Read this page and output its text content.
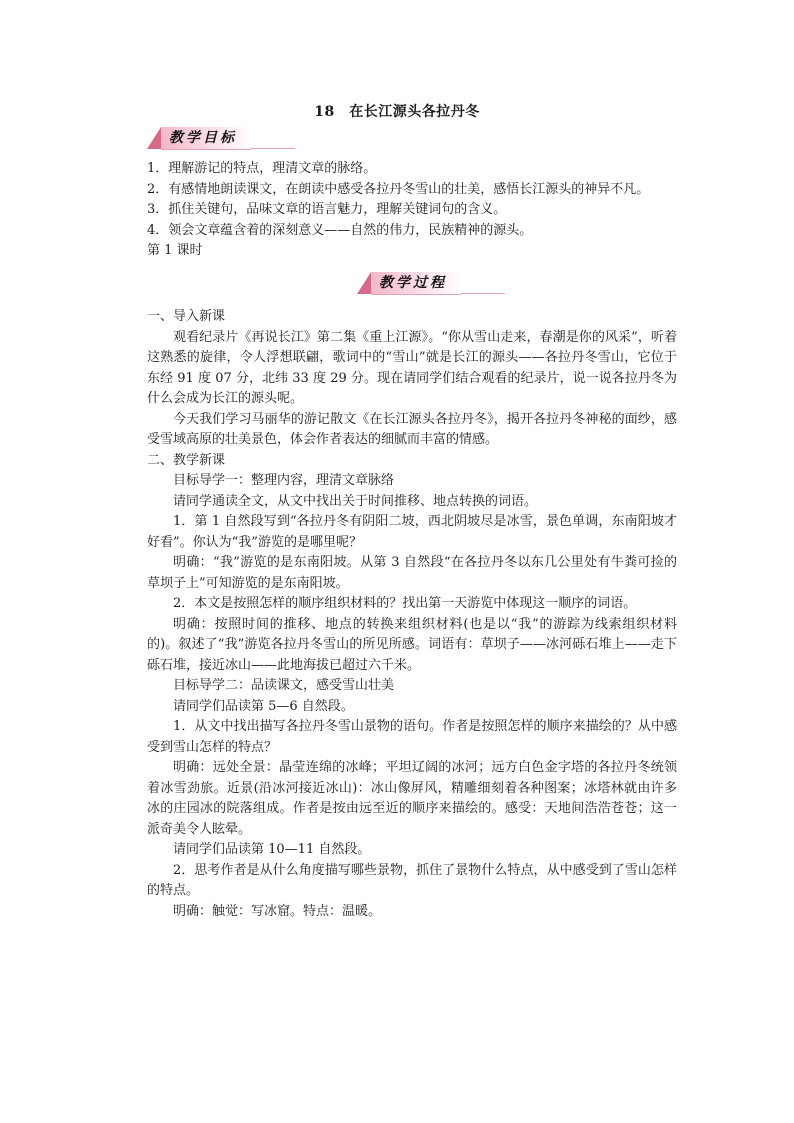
18　在长江源头各拉丹冬
教学目标
1．理解游记的特点，理清文章的脉络。
2．有感情地朗读课文，在朗读中感受各拉丹冬雪山的壮美，感悟长江源头的神异不凡。
3．抓住关键句，品味文章的语言魅力，理解关键词句的含义。
4．领会文章蕴含着的深刻意义——自然的伟力，民族精神的源头。
第 1 课时
教学过程
一、导入新课
观看纪录片《再说长江》第二集《重上江源》。“你从雪山走来，春潮是你的风采”，听着这熟悉的旋律，令人浮想联翩，歌词中的“雪山”就是长江的源头——各拉丹冬雪山，它位于东经 91 度 07 分，北纬 33 度 29 分。现在请同学们结合观看的纪录片，说一说各拉丹冬为什么会成为长江的源头呢。
今天我们学习马丽华的游记散文《在长江源头各拉丹冬》，揭开各拉丹冬神秘的面纱，感受雪域高原的壮美景色，体会作者表达的细腻而丰富的情感。
二、教学新课
目标导学一：整理内容，理清文章脉络
请同学通读全文，从文中找出关于时间推移、地点转换的词语。
1．第 1 自然段写到“各拉丹冬有阴阳二坡，西北阴坡尽是冰雪，景色单调，东南阳坡才好看”。你认为“我”游览的是哪里呢？
明确：“我”游览的是东南阳坡。从第 3 自然段“在各拉丹冬以东几公里处有牛粪可捡的草坝子上”可知游览的是东南阳坡。
2．本文是按照怎样的顺序组织材料的？找出第一天游览中体现这一顺序的词语。
明确：按照时间的推移、地点的转换来组织材料(也是以“我”的游踪为线索组织材料的)。叙述了“我”游览各拉丹冬雪山的所见所感。词语有：草坝子——冰河砾石堆上——走下砾石堆，接近冰山——此地海拔已超过六千米。
目标导学二：品读课文，感受雪山壮美
请同学们品读第 5—6 自然段。
1．从文中找出描写各拉丹冬雪山景物的语句。作者是按照怎样的顺序来描绘的？从中感受到雪山怎样的特点？
明确：远处全景：晶莹连绵的冰峰；平坦辽阔的冰河；远方白色金字塔的各拉丹冬统领着冰雪劲旅。近景(沿冰河接近冰山)：冰山像屏风，精雕细刻着各种图案；冰塔林就由许多冰的庄园冰的院落组成。作者是按由远至近的顺序来描绘的。感受：天地间浩浩苍苍；这一派奇美令人眩晕。
请同学们品读第 10—11 自然段。
2．思考作者是从什么角度描写哪些景物，抓住了景物什么特点，从中感受到了雪山怎样的特点。
明确：触觉：写冰窟。特点：温暖。
